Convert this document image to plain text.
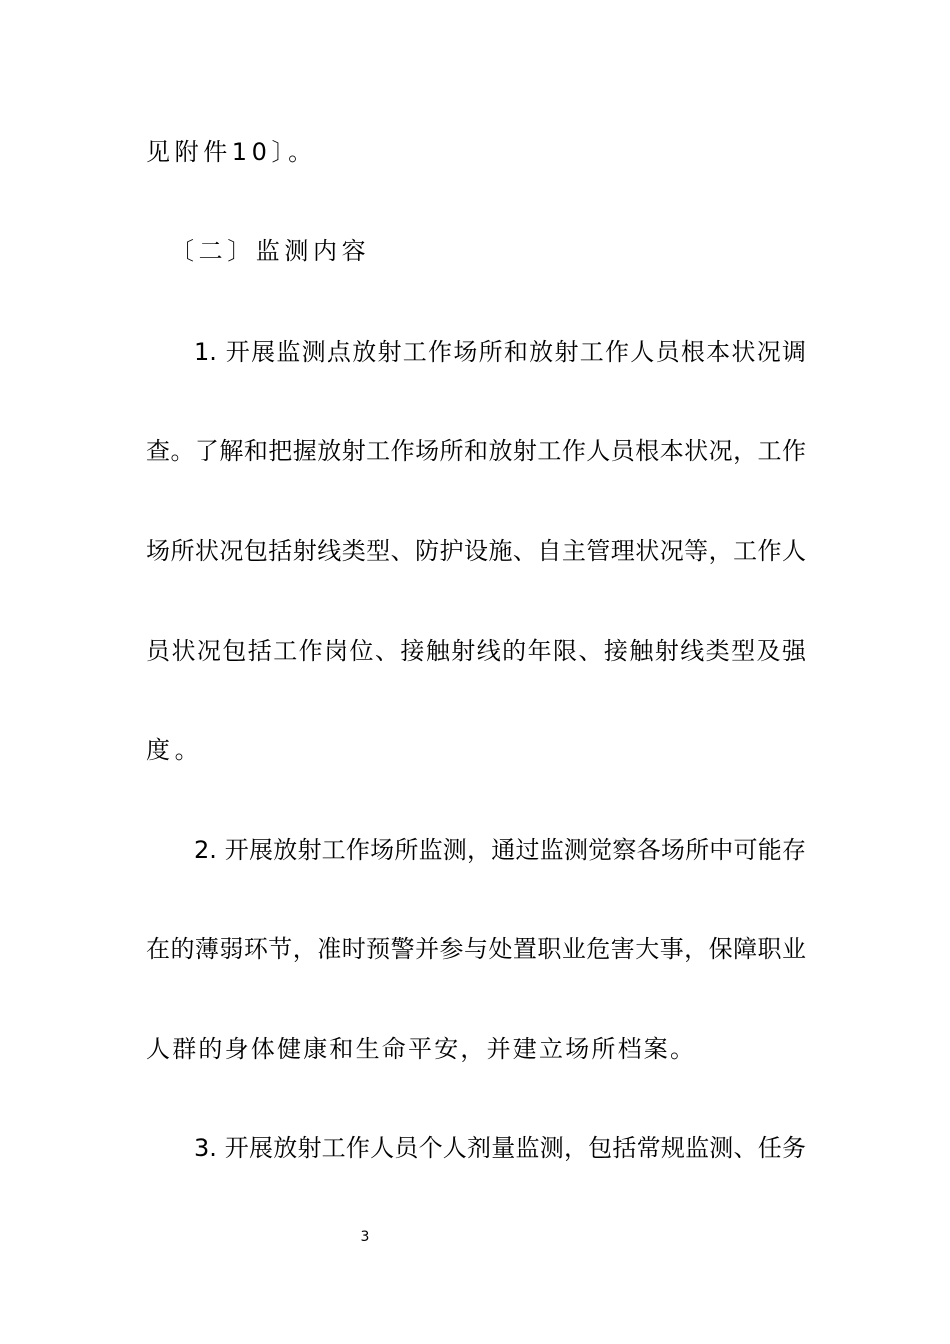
见附件10〕。
〔二〕监测内容
1. 开展监测点放射工作场所和放射工作人员根本状况调
查。了解和把握放射工作场所和放射工作人员根本状况，工作
场所状况包括射线类型、防护设施、自主管理状况等，工作人
员状况包括工作岗位、接触射线的年限、接触射线类型及强
度。
2. 开展放射工作场所监测，通过监测觉察各场所中可能存
在的薄弱环节，准时预警并参与处置职业危害大事，保障职业
人群的身体健康和生命平安，并建立场所档案。
3. 开展放射工作人员个人剂量监测，包括常规监测、任务
3
